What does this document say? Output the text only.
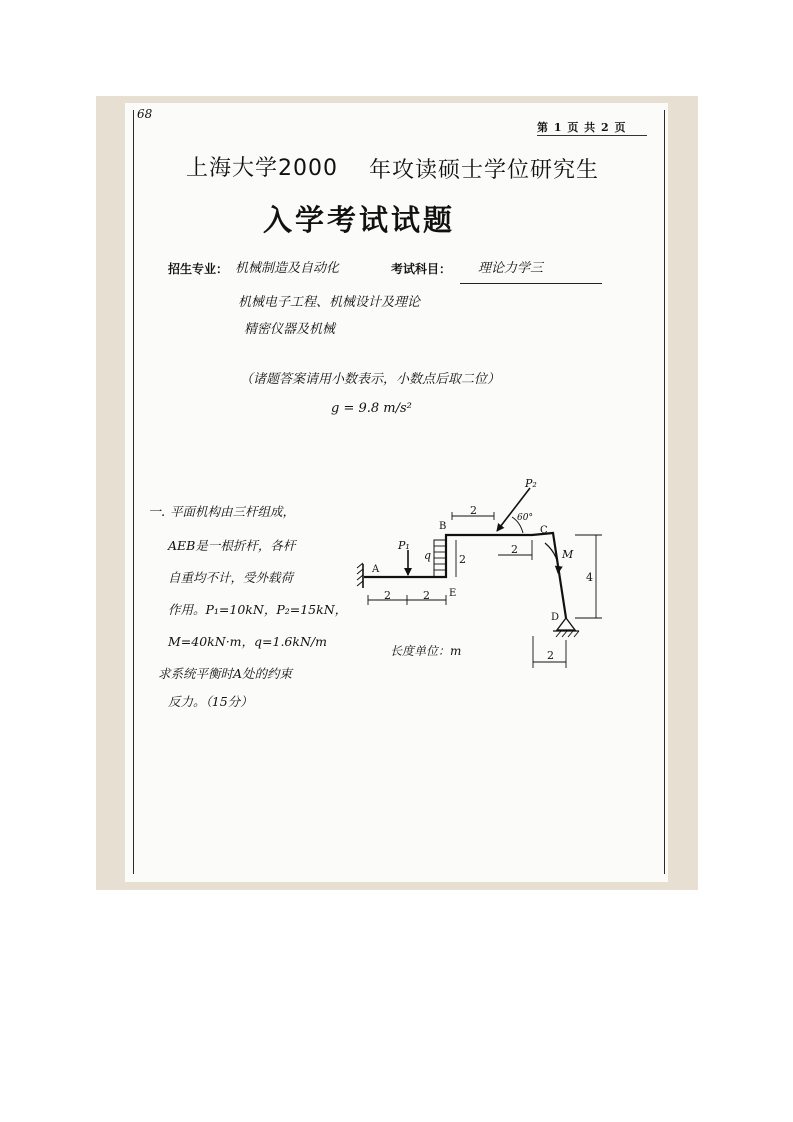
68
第 1 页 共 2 页
上海大学2000 年攻读硕士学位研究生
入学考试试题
招生专业： 机械制造及自动化	考试科目： 理论力学三
机械电子工程、机械设计及理论
精密仪器及机械
（诸题答案请用小数表示，小数点后取二位）
g = 9.8 m/s²
一. 平面机构由三杆组成，
AEB是一根折杆，各杆
自重均不计，受外载荷
作用。P₁=10kN，P₂=15kN，
M=40kN·m，q=1.6kN/m
求系统平衡时A处的约束
反力。（15分）
A
B	C
D
E
P₁
P₂
q	M
60°
2	2
2
2
2
4
2
长度单位：m
